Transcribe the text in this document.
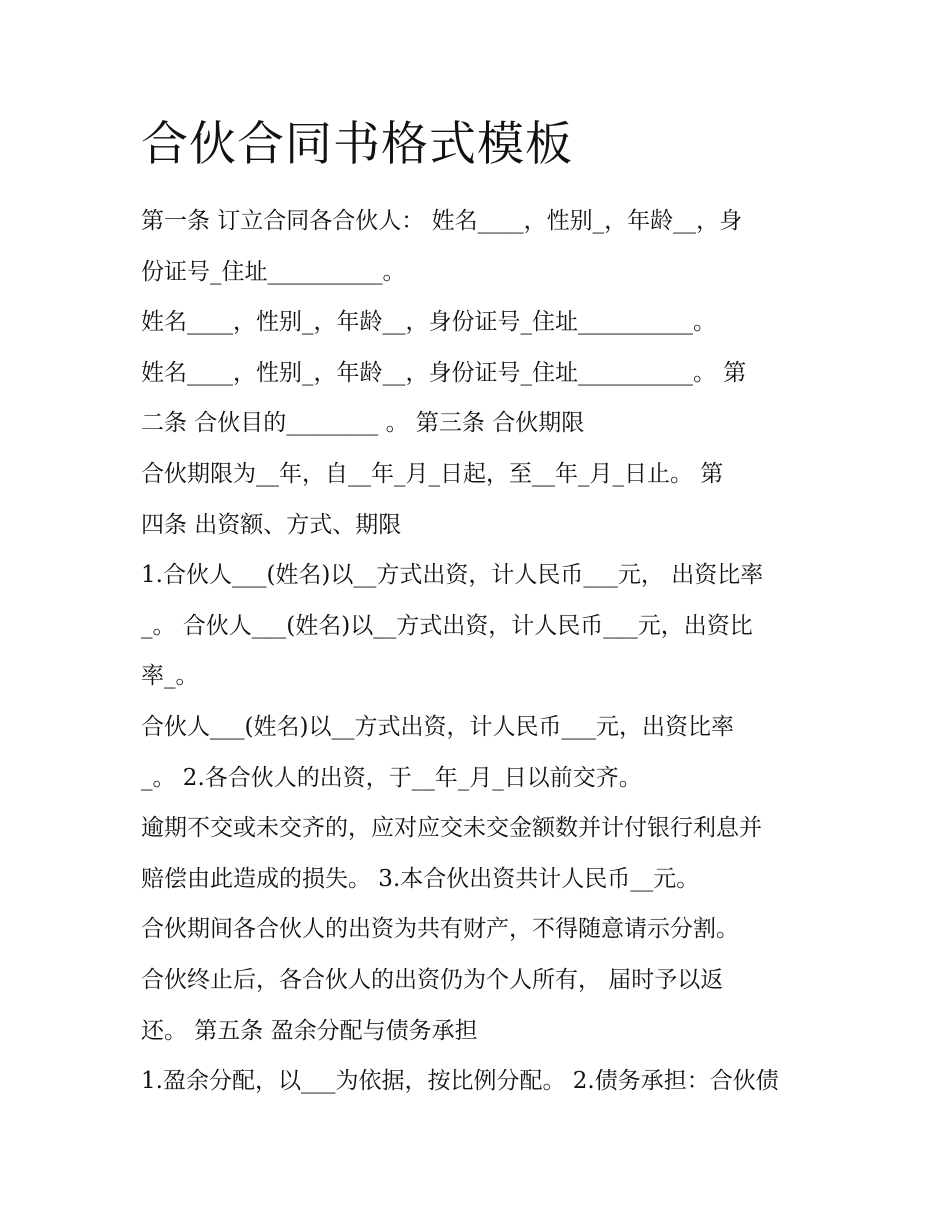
合伙合同书格式模板
第一条 订立合同各合伙人： 姓名____，性别_，年龄__，身
份证号_住址__________。
姓名____，性别_，年龄__，身份证号_住址__________。
姓名____，性别_，年龄__，身份证号_住址__________。 第
二条 合伙目的________ 。 第三条 合伙期限
合伙期限为__年，自__年_月_日起，至__年_月_日止。 第
四条 出资额、方式、期限
1.合伙人___(姓名)以__方式出资，计人民币___元， 出资比率
_。 合伙人___(姓名)以__方式出资，计人民币___元，出资比
率_。
合伙人___(姓名)以__方式出资，计人民币___元，出资比率
_。 2.各合伙人的出资，于__年_月_日以前交齐。
逾期不交或未交齐的，应对应交未交金额数并计付银行利息并
赔偿由此造成的损失。 3.本合伙出资共计人民币__元。
合伙期间各合伙人的出资为共有财产，不得随意请示分割。
合伙终止后，各合伙人的出资仍为个人所有， 届时予以返
还。 第五条 盈余分配与债务承担
1.盈余分配，以___为依据，按比例分配。 2.债务承担：合伙债
